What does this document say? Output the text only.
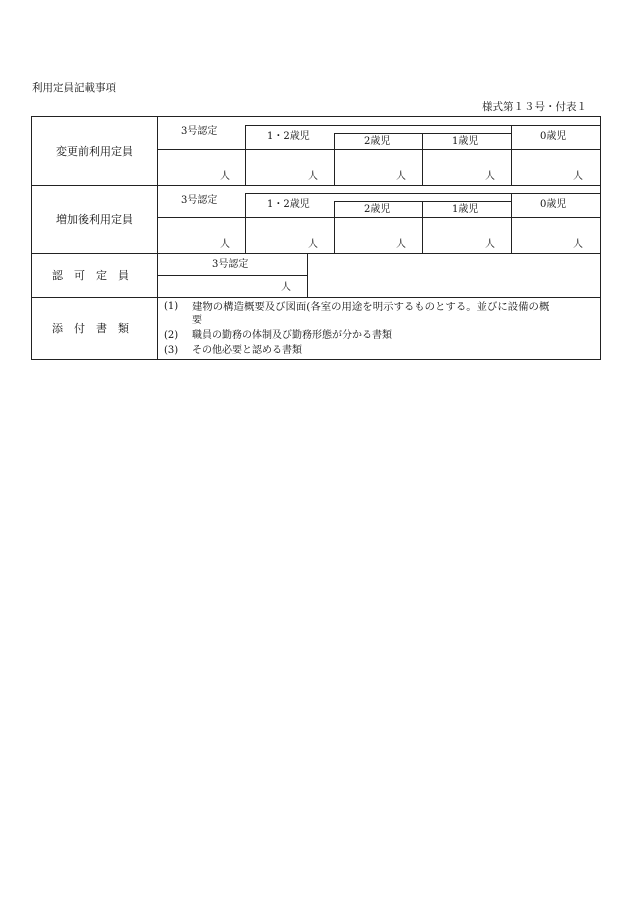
利用定員記載事項
様式第１３号・付表１
変更前利用定員
3号認定	1・2歳児	2歳児	1歳児	0歳児
人	人	人	人	人
増加後利用定員
3号認定	1・2歳児	2歳児	1歳児	0歳児
人	人	人	人	人
認　可　定　員
3号認定
人
添　付　書　類
(1) 建物の構造概要及び図面(各室の用途を明示するものとする。並びに設備の概
要
(2) 職員の勤務の体制及び勤務形態が分かる書類
(3) その他必要と認める書類
